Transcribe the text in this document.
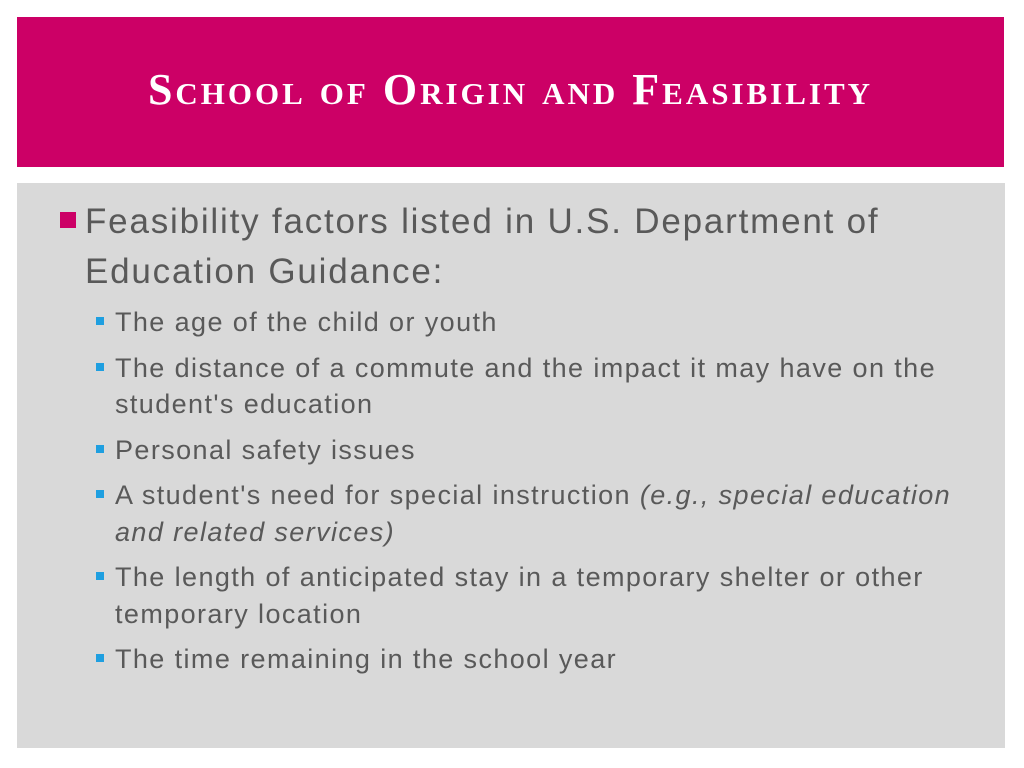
School of Origin and Feasibility
Feasibility factors listed in U.S. Department of Education Guidance:
The age of the child or youth
The distance of a commute and the impact it may have on the student's education
Personal safety issues
A student's need for special instruction (e.g., special education and related services)
The length of anticipated stay in a temporary shelter or other temporary location
The time remaining in the school year
